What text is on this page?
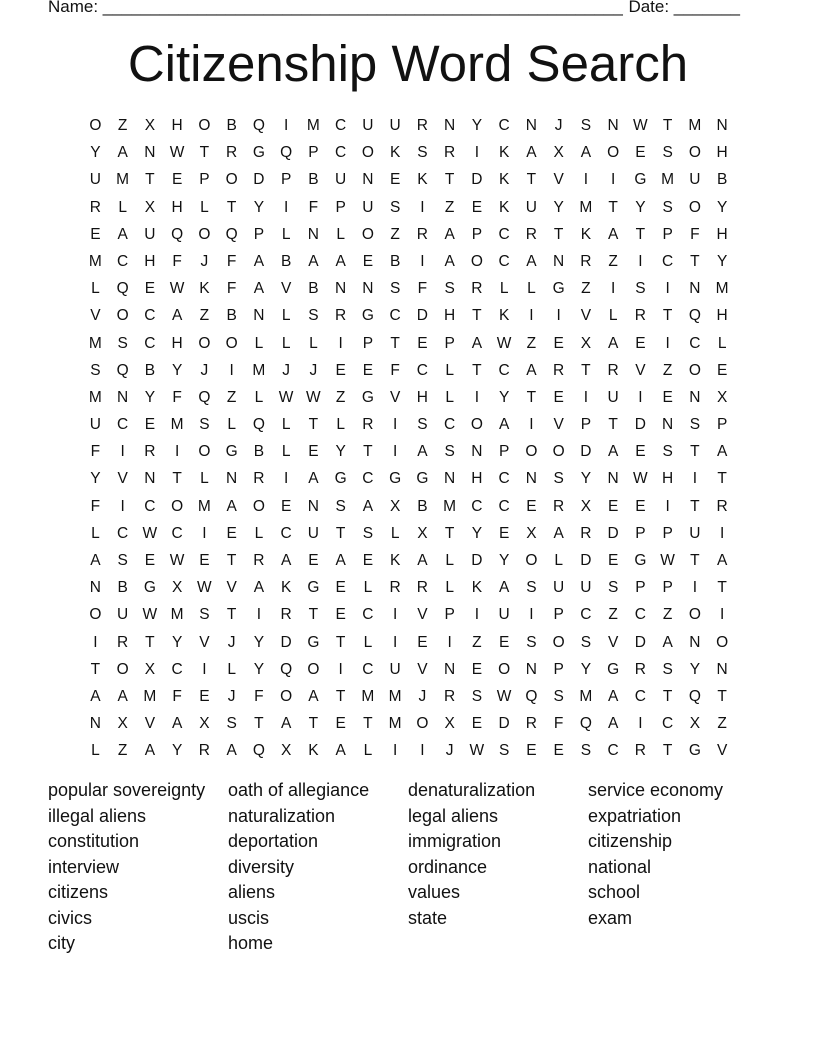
Name: _______________________________________________________ Date: _______
Citizenship Word Search
O	Z	X	H O	B	Q	I	M C	U	U	R	N	Y	C	N	J	S	N W T	M N
Y	A	N W T	R G Q	P	C O	K	S	R	I	K	A	X	A	O	E	S	O H
U M	T	E	P	O D	P	B	U	N	E	K	T	D	K	T	V	I	I	G M U	B
R	L	X	H	L	T	Y	I	F	P	U	S	I	Z	E	K	U	Y M	T	Y	S	O	Y
E	A	U Q O Q	P	L	N	L	O	Z	R	A	P	C	R	T	K	A	T	P	F	H
M C	H	F	J	F	A	B	A	A	E	B	I	A	O C	A	N	R	Z	I	C	T	Y
L	Q	E W K	F	A	V	B	N	N	S	F	S	R	L	L	G	Z	I	S	I	N M
V	O C	A	Z	B	N	L	S	R G C	D	H	T	K	I	I	V	L	R	T	Q H
M S	C	H O O	L	L	L	I	P	T	E	P	A W Z	E	X	A	E	I	C	L
S	Q	B	Y	J	I	M	J	J	E	E	F	C	L	T	C	A	R	T	R	V	Z	O	E
M N	Y	F	Q	Z	L W W Z	G	V	H	L	I	Y	T	E	I	U	I	E	N	X
U	C	E M S	L	Q	L	T	L	R	I	S	C O	A	I	V	P	T	D	N	S	P
F	I	R	I	O G	B	L	E	Y	T	I	A	S	N	P	O O D	A	E	S	T	A
Y	V	N	T	L	N	R	I	A	G C G G N	H	C	N	S	Y	N W H	I	T
F	I	C O M A	O	E	N	S	A	X	B M C	C	E	R	X	E	E	I	T	R
L	C W C	I	E	L	C	U	T	S	L	X	T	Y	E	X	A	R	D	P	P	U	I
A	S	E W E	T	R	A	E	A	E	K	A	L	D	Y	O	L	D	E	G W T	A
N	B	G	X W V	A	K	G	E	L	R	R	L	K	A	S	U	U	S	P	P	I	T
O U W M S	T	I	R	T	E	C	I	V	P	I	U	I	P	C	Z	C	Z	O	I
I	R	T	Y	V	J	Y	D G	T	L	I	E	I	Z	E	S	O	S	V	D	A	N O
T	O	X	C	I	L	Y	Q O	I	C	U	V	N	E	O N	P	Y	G R	S	Y	N
A	A M	F	E	J	F	O	A	T	M M	J	R	S W Q	S M A	C	T	Q	T
N	X	V	A	X	S	T	A	T	E	T	M O	X	E	D	R	F	Q	A	I	C	X	Z
L	Z	A	Y	R	A	Q	X	K	A	L	I	I	J	W S	E	E	S	C	R	T	G	V
popular sovereignty	oath of allegiance	denaturalization	service economy
illegal aliens	naturalization	legal aliens	expatriation
constitution	deportation	immigration	citizenship
interview	diversity	ordinance	national
citizens	aliens	values	school
civics	uscis	state	exam
city	home
